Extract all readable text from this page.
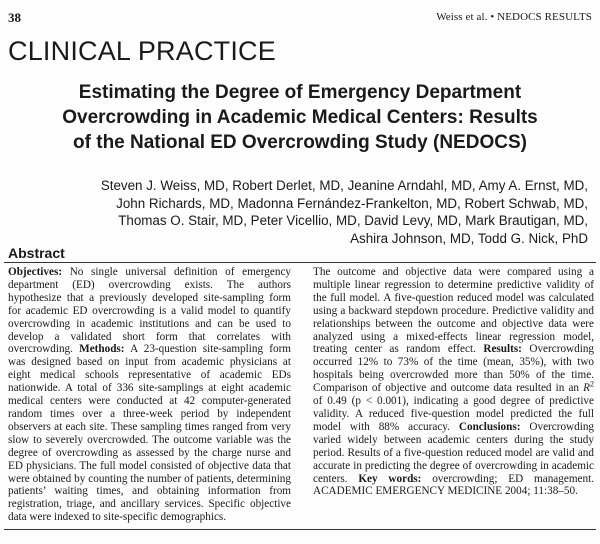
38	Weiss et al. • NEDOCS RESULTS
CLINICAL PRACTICE
Estimating the Degree of Emergency Department
Overcrowding in Academic Medical Centers: Results
of the National ED Overcrowding Study (NEDOCS)

Steven J. Weiss, MD, Robert Derlet, MD, Jeanine Arndahl, MD, Amy A. Ernst, MD,
John Richards, MD, Madonna Fernández-Frankelton, MD, Robert Schwab, MD,
Thomas O. Stair, MD, Peter Vicellio, MD, David Levy, MD, Mark Brautigan, MD,
Ashira Johnson, MD, Todd G. Nick, PhD

Abstract

Objectives: No single universal definition of emergency department (ED) overcrowding exists. The authors hypothesize that a previously developed site-sampling form for academic ED overcrowding is a valid model to quantify overcrowding in academic institutions and can be used to develop a validated short form that correlates with overcrowding. Methods: A 23-question site-sampling form was designed based on input from academic physicians at eight medical schools representative of academic EDs nationwide. A total of 336 site-samplings at eight academic medical centers were conducted at 42 computer-generated random times over a three-week period by independent observers at each site. These sampling times ranged from very slow to severely overcrowded. The outcome variable was the degree of overcrowding as assessed by the charge nurse and ED physicians. The full model consisted of objective data that were obtained by counting the number of patients, determining patients’ waiting times, and obtaining information from registration, triage, and ancillary services. Specific objective data were indexed to site-specific demographics.

The outcome and objective data were compared using a multiple linear regression to determine predictive validity of the full model. A five-question reduced model was calculated using a backward stepdown procedure. Predictive validity and relationships between the outcome and objective data were analyzed using a mixed-effects linear regression model, treating center as random effect. Results: Overcrowding occurred 12% to 73% of the time (mean, 35%), with two hospitals being overcrowded more than 50% of the time. Comparison of objective and outcome data resulted in an $R^2$ of 0.49 (p < 0.001), indicating a good degree of predictive validity. A reduced five-question model predicted the full model with 88% accuracy. Conclusions: Overcrowding varied widely between academic centers during the study period. Results of a five-question reduced model are valid and accurate in predicting the degree of overcrowding in academic centers. Key words: overcrowding; ED management. ACADEMIC EMERGENCY MEDICINE 2004; 11:38–50.
